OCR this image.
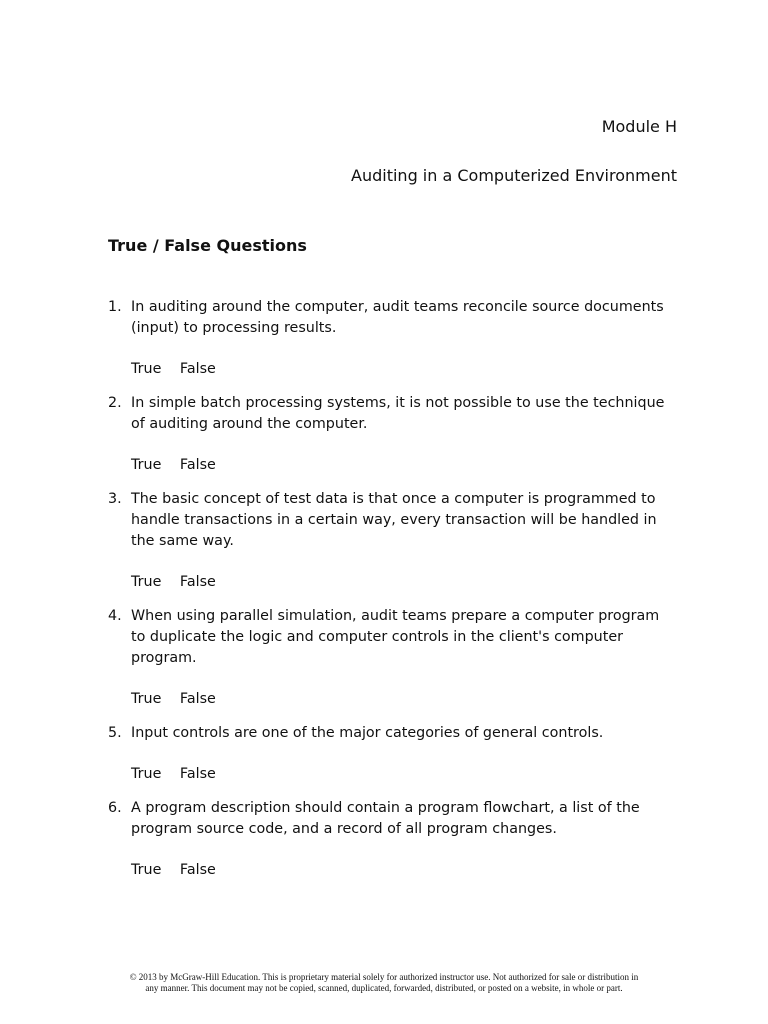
Module H
Auditing in a Computerized Environment
True / False Questions
1. In auditing around the computer, audit teams reconcile source documents (input) to processing results.
True False
2. In simple batch processing systems, it is not possible to use the technique of auditing around the computer.
True False
3. The basic concept of test data is that once a computer is programmed to handle transactions in a certain way, every transaction will be handled in the same way.
True False
4. When using parallel simulation, audit teams prepare a computer program to duplicate the logic and computer controls in the client's computer program.
True False
5. Input controls are one of the major categories of general controls.
True False
6. A program description should contain a program flowchart, a list of the program source code, and a record of all program changes.
True False
© 2013 by McGraw-Hill Education. This is proprietary material solely for authorized instructor use. Not authorized for sale or distribution in
any manner. This document may not be copied, scanned, duplicated, forwarded, distributed, or posted on a website, in whole or part.
